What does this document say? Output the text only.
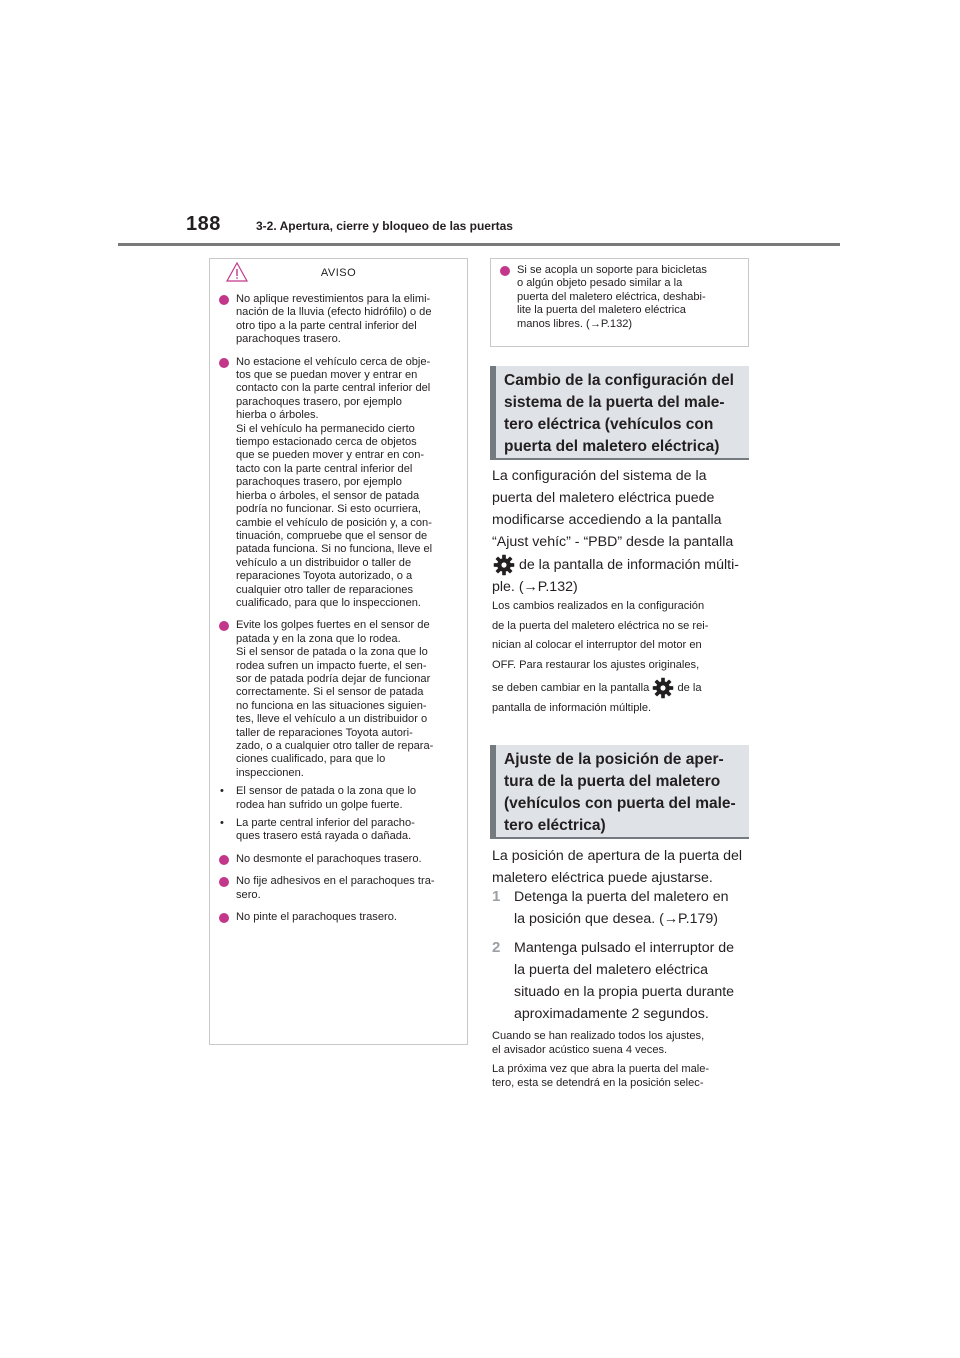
188	3-2. Apertura, cierre y bloqueo de las puertas
AVISO

No aplique revestimientos para la elimi-
nación de la lluvia (efecto hidrófilo) o de
otro tipo a la parte central inferior del
parachoques trasero.

No estacione el vehículo cerca de obje-
tos que se puedan mover y entrar en
contacto con la parte central inferior del
parachoques trasero, por ejemplo
hierba o árboles.
Si el vehículo ha permanecido cierto
tiempo estacionado cerca de objetos
que se pueden mover y entrar en con-
tacto con la parte central inferior del
parachoques trasero, por ejemplo
hierba o árboles, el sensor de patada
podría no funcionar. Si esto ocurriera,
cambie el vehículo de posición y, a con-
tinuación, compruebe que el sensor de
patada funciona. Si no funciona, lleve el
vehículo a un distribuidor o taller de
reparaciones Toyota autorizado, o a
cualquier otro taller de reparaciones
cualificado, para que lo inspeccionen.

Evite los golpes fuertes en el sensor de
patada y en la zona que lo rodea.
Si el sensor de patada o la zona que lo
rodea sufren un impacto fuerte, el sen-
sor de patada podría dejar de funcionar
correctamente. Si el sensor de patada
no funciona en las situaciones siguien-
tes, lleve el vehículo a un distribuidor o
taller de reparaciones Toyota autori-
zado, o a cualquier otro taller de repara-
ciones cualificado, para que lo
inspeccionen.

• El sensor de patada o la zona que lo
rodea han sufrido un golpe fuerte.
• La parte central inferior del paracho-
ques trasero está rayada o dañada.

No desmonte el parachoques trasero.

No fije adhesivos en el parachoques tra-
sero.

No pinte el parachoques trasero.

Si se acopla un soporte para bicicletas
o algún objeto pesado similar a la
puerta del maletero eléctrica, deshabi-
lite la puerta del maletero eléctrica
manos libres. (→P.132)

Cambio de la configuración del
sistema de la puerta del male-
tero eléctrica (vehículos con
puerta del maletero eléctrica)
La configuración del sistema de la
puerta del maletero eléctrica puede
modificarse accediendo a la pantalla
“Ajust vehíc” - “PBD” desde la pantalla
de la pantalla de información múlti-
ple. (→P.132)
Los cambios realizados en la configuración
de la puerta del maletero eléctrica no se rei-
nician al colocar el interruptor del motor en
OFF. Para restaurar los ajustes originales,
se deben cambiar en la pantalla  de la
pantalla de información múltiple.
Ajuste de la posición de aper-
tura de la puerta del maletero
(vehículos con puerta del male-
tero eléctrica)
La posición de apertura de la puerta del
maletero eléctrica puede ajustarse.
1 Detenga la puerta del maletero en
la posición que desea. (→P.179)
2 Mantenga pulsado el interruptor de
la puerta del maletero eléctrica
situado en la propia puerta durante
aproximadamente 2 segundos.
Cuando se han realizado todos los ajustes,
el avisador acústico suena 4 veces.
La próxima vez que abra la puerta del male-
tero, esta se detendrá en la posición selec-
